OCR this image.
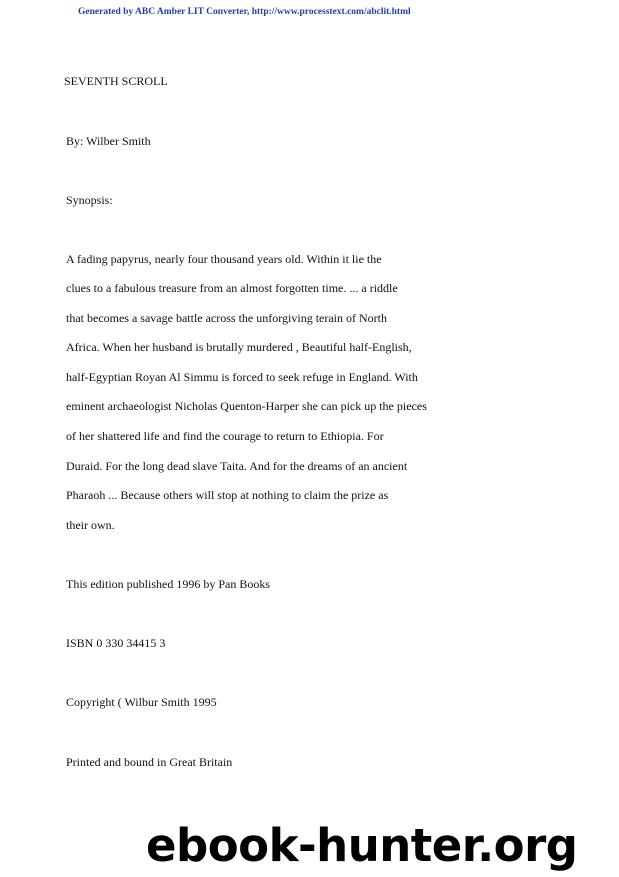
Generated by ABC Amber LIT Converter, http://www.processtext.com/abclit.html
SEVENTH SCROLL
By: Wilber Smith
Synopsis:
A fading papyrus, nearly four thousand years old. Within it lie the
clues to a fabulous treasure from an almost forgotten time. ... a riddle
that becomes a savage battle across the unforgiving terain of North
Africa. When her husband is brutally murdered , Beautiful half-English,
half-Egyptian Royan Al Simmu is forced to seek refuge in England. With
eminent archaeologist Nicholas Quenton-Harper she can pick up the pieces
of her shattered life and find the courage to return to Ethiopia. For
Duraid. For the long dead slave Taita. And for the dreams of an ancient
Pharaoh ... Because others will stop at nothing to claim the prize as
their own.
This edition published 1996 by Pan Books
ISBN 0 330 34415 3
Copyright ( Wilbur Smith 1995
Printed and bound in Great Britain
ebook-hunter.org
